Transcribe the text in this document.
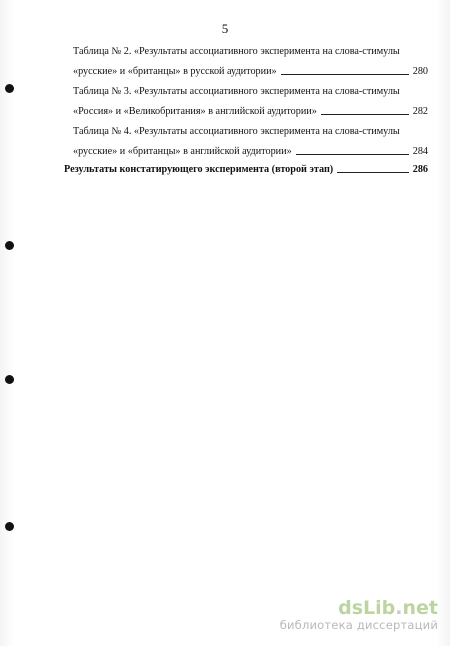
5
Таблица № 2. «Результаты ассоциативного эксперимента на слова-стимулы
«русские» и «британцы» в русской аудитории»	280
Таблица № 3. «Результаты ассоциативного эксперимента на слова-стимулы
«Россия» и «Великобритания» в английской аудитории»	282
Таблица № 4. «Результаты ассоциативного эксперимента на слова-стимулы
«русские» и «британцы» в английской аудитории»	284
Результаты констатирующего эксперимента (второй этап)	286
dsLib.net
библиотека диссертаций
